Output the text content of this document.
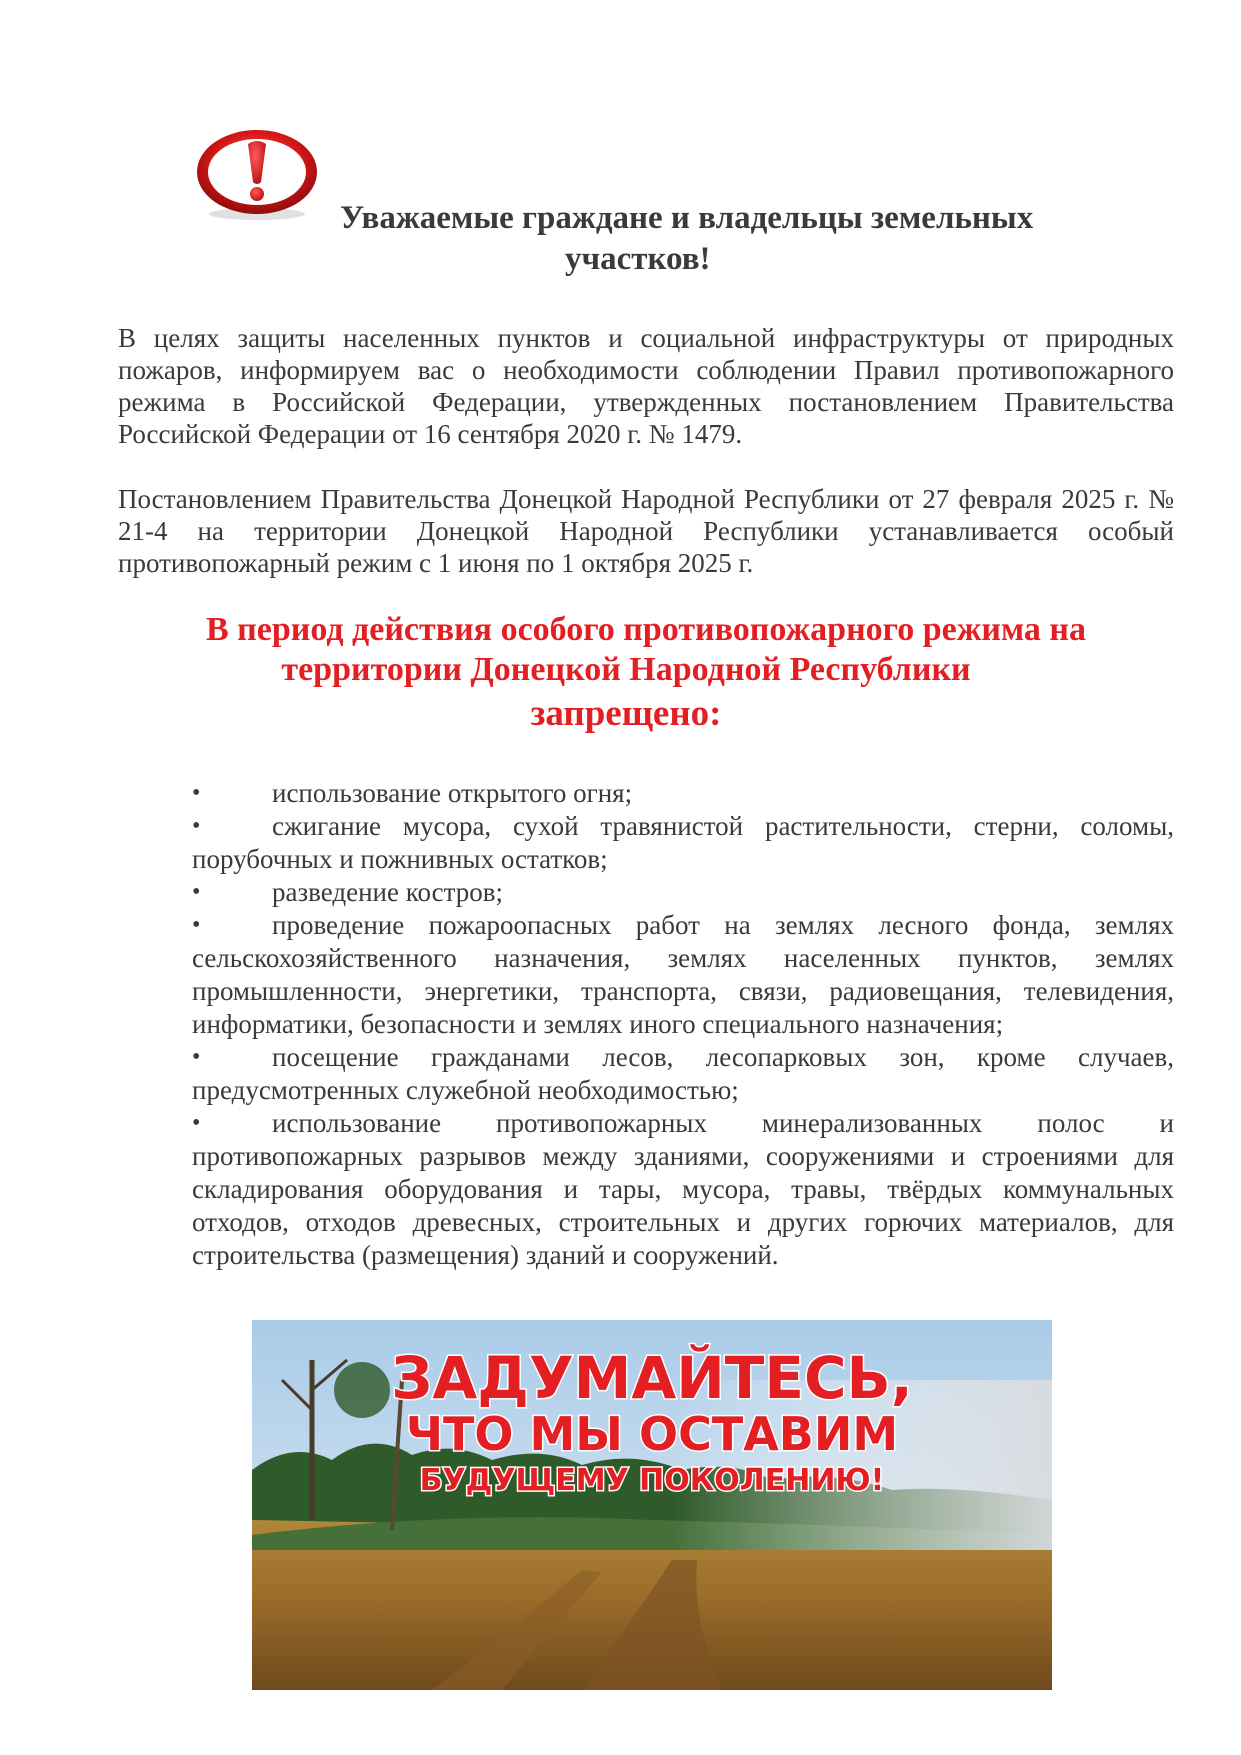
Уважаемые граждане и владельцы земельных
участков!
В целях защиты населенных пунктов и социальной инфраструктуры от природных пожаров, информируем вас о необходимости соблюдении Правил противопожарного режима в Российской Федерации, утвержденных постановлением Правительства Российской Федерации от 16 сентября 2020 г. № 1479.
Постановлением Правительства Донецкой Народной Республики от 27 февраля 2025 г. № 21-4 на территории Донецкой Народной Республики устанавливается особый противопожарный режим с 1 июня по 1 октября 2025 г.
В период действия особого противопожарного режима на
территории Донецкой Народной Республики
запрещено:
•	использование открытого огня;
•	сжигание мусора, сухой травянистой растительности, стерни, соломы, порубочных и пожнивных остатков;
•	разведение костров;
•	проведение пожароопасных работ на землях лесного фонда, землях сельскохозяйственного назначения, землях населенных пунктов, землях промышленности, энергетики, транспорта, связи, радиовещания, телевидения, информатики, безопасности и землях иного специального назначения;
•	посещение гражданами лесов, лесопарковых зон, кроме случаев, предусмотренных служебной необходимостью;
•	использование противопожарных минерализованных полос и противопожарных разрывов между зданиями, сооружениями и строениями для складирования оборудования и тары, мусора, травы, твёрдых коммунальных отходов, отходов древесных, строительных и других горючих материалов, для строительства (размещения) зданий и сооружений.
ЗАДУМАЙТЕСЬ,
ЧТО МЫ ОСТАВИМ
БУДУЩЕМУ ПОКОЛЕНИЮ!
